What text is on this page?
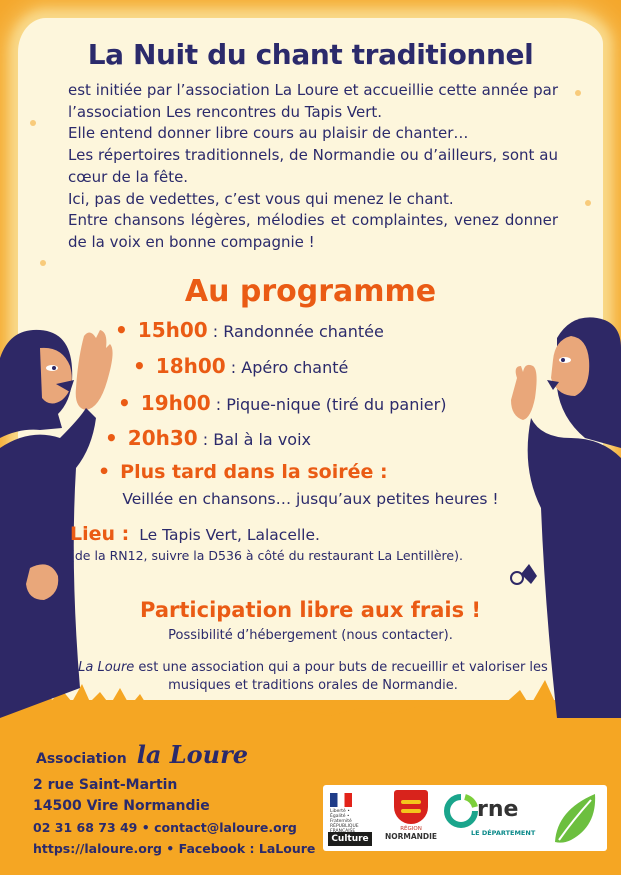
La Nuit du chant traditionnel

est initiée par l’association La Loure et accueillie cette année par l’association Les rencontres du Tapis Vert.

Elle entend donner libre cours au plaisir de chanter…

Les répertoires traditionnels, de Normandie ou d’ailleurs, sont au cœur de la fête.

Ici, pas de vedettes, c’est vous qui menez le chant.

Entre chansons légères, mélodies et complaintes, venez donner de la voix en bonne compagnie !

Au programme
• 15h00 : Randonnée chantée
• 18h00 : Apéro chanté
• 19h00 : Pique-nique (tiré du panier)
• 20h30 : Bal à la voix
• Plus tard dans la soirée :
Veillée en chansons… jusqu’aux petites heures !
Lieu : Le Tapis Vert, Lalacelle.
(de la RN12, suivre la D536 à côté du restaurant La Lentillère).
Participation libre aux frais !
Possibilité d’hébergement (nous contacter).
La Loure est une association qui a pour buts de recueillir et valoriser les musiques et traditions orales de Normandie.
Association la Loure
2 rue Saint-Martin
14500 Vire Normandie
02 31 68 73 49 • contact@laloure.org
https://laloure.org • Facebook : LaLoure
Liberté • Égalité • Fraternité RÉPUBLIQUE
Culture
RÉGION
NORMANDIE
rne
LE DÉPARTEMENT
